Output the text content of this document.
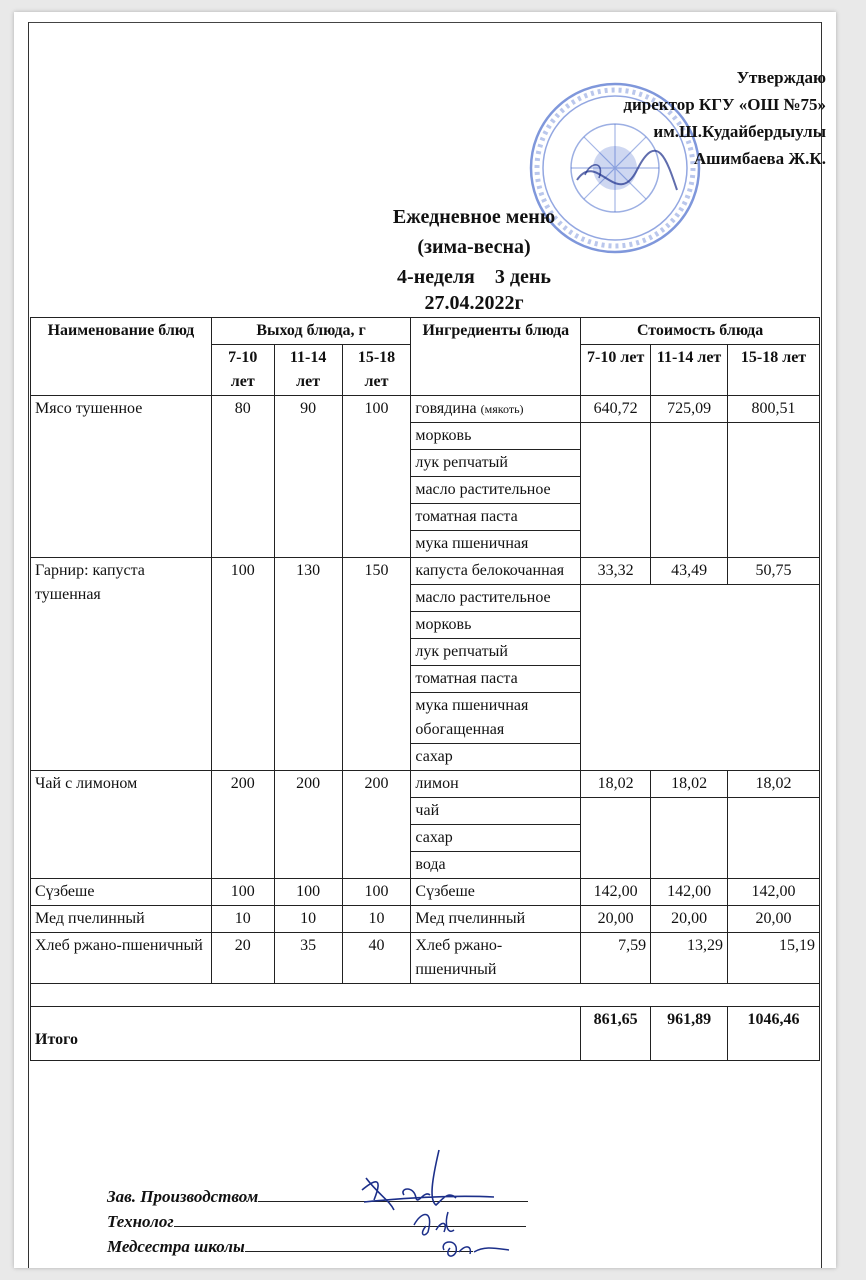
Утверждаю
директор КГУ «ОШ №75»
им.Ш.Кудайбердыулы
Ашимбаева Ж.К.
Ежедневное меню
(зима-весна)
4-неделя    3 день
27.04.2022г
Наименование блюд	Выход блюда, г			Ингредиенты блюда	Стоимость блюда		
	7-10 лет	11-14 лет	15-18 лет		7-10 лет	11-14 лет	15-18 лет
Мясо тушенное	80	90	100	говядина (мякоть)	640,72	725,09	800,51
				морковь			
				лук репчатый			
				масло растительное			
				томатная паста			
				мука пшеничная			
Гарнир: капуста тушенная	100	130	150	капуста белокочанная	33,32	43,49	50,75
				масло растительное			
				морковь			
				лук репчатый			
				томатная паста			
				мука пшеничная обогащенная			
				сахар			
Чай с лимоном	200	200	200	лимон	18,02	18,02	18,02
				чай			
				сахар			
				вода			
Сүзбеше	100	100	100	Сүзбеше	142,00	142,00	142,00
Мед пчелинный	10	10	10	Мед пчелинный	20,00	20,00	20,00
Хлеб ржано-пшеничный	20	35	40	Хлеб ржано-пшеничный	7,59	13,29	15,19

Итого					861,65	961,89	1046,46
Зав. Производством
Технолог
Медсестра школы
